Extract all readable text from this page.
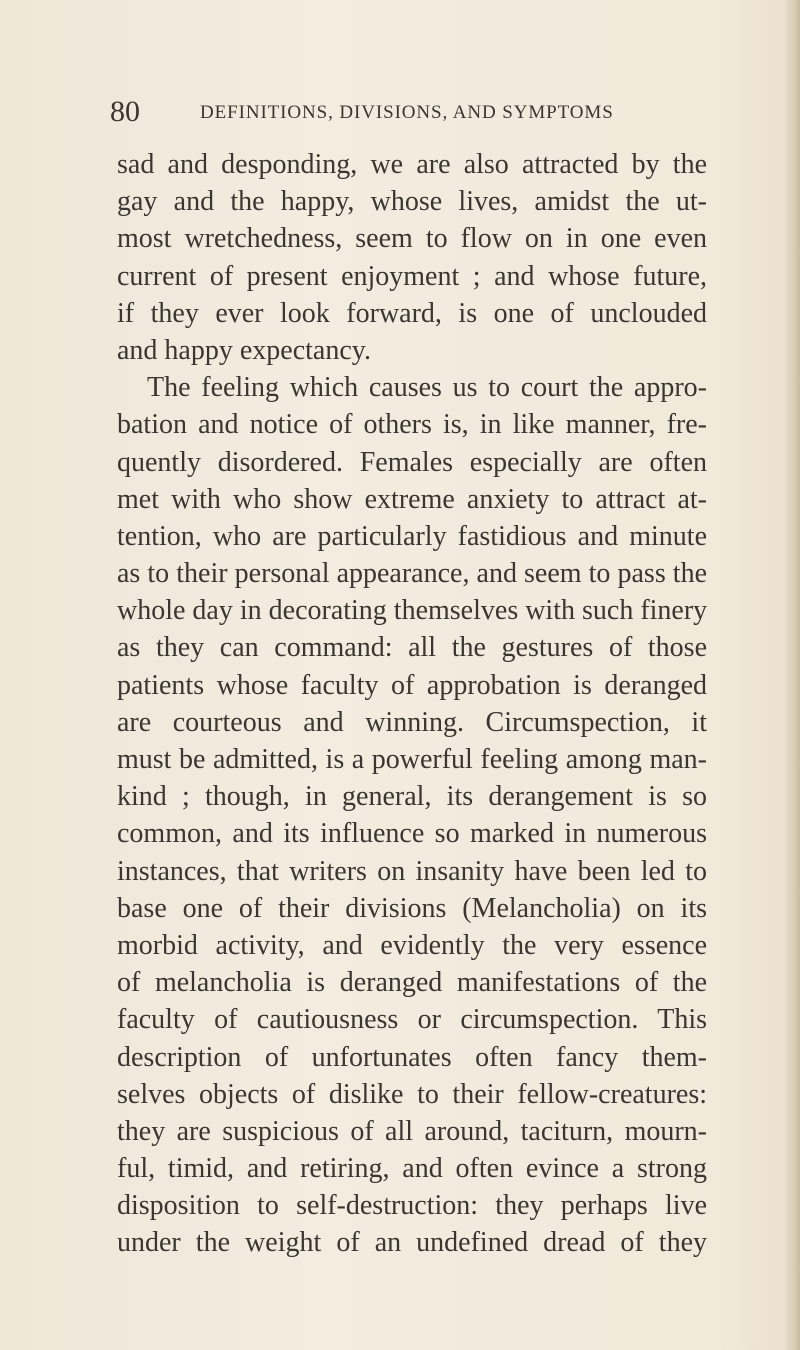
80	DEFINITIONS, DIVISIONS, AND SYMPTOMS
sad and desponding, we are also attracted by the
gay and the happy, whose lives, amidst the ut-
most wretchedness, seem to flow on in one even
current of present enjoyment ; and whose future,
if they ever look forward, is one of unclouded
and happy expectancy.
The feeling which causes us to court the appro-
bation and notice of others is, in like manner, fre-
quently disordered. Females especially are often
met with who show extreme anxiety to attract at-
tention, who are particularly fastidious and minute
as to their personal appearance, and seem to pass the
whole day in decorating themselves with such finery
as they can command: all the gestures of those
patients whose faculty of approbation is deranged
are courteous and winning. Circumspection, it
must be admitted, is a powerful feeling among man-
kind ; though, in general, its derangement is so
common, and its influence so marked in numerous
instances, that writers on insanity have been led to
base one of their divisions (Melancholia) on its
morbid activity, and evidently the very essence
of melancholia is deranged manifestations of the
faculty of cautiousness or circumspection. This
description of unfortunates often fancy them-
selves objects of dislike to their fellow-creatures:
they are suspicious of all around, taciturn, mourn-
ful, timid, and retiring, and often evince a strong
disposition to self-destruction: they perhaps live
under the weight of an undefined dread of they
